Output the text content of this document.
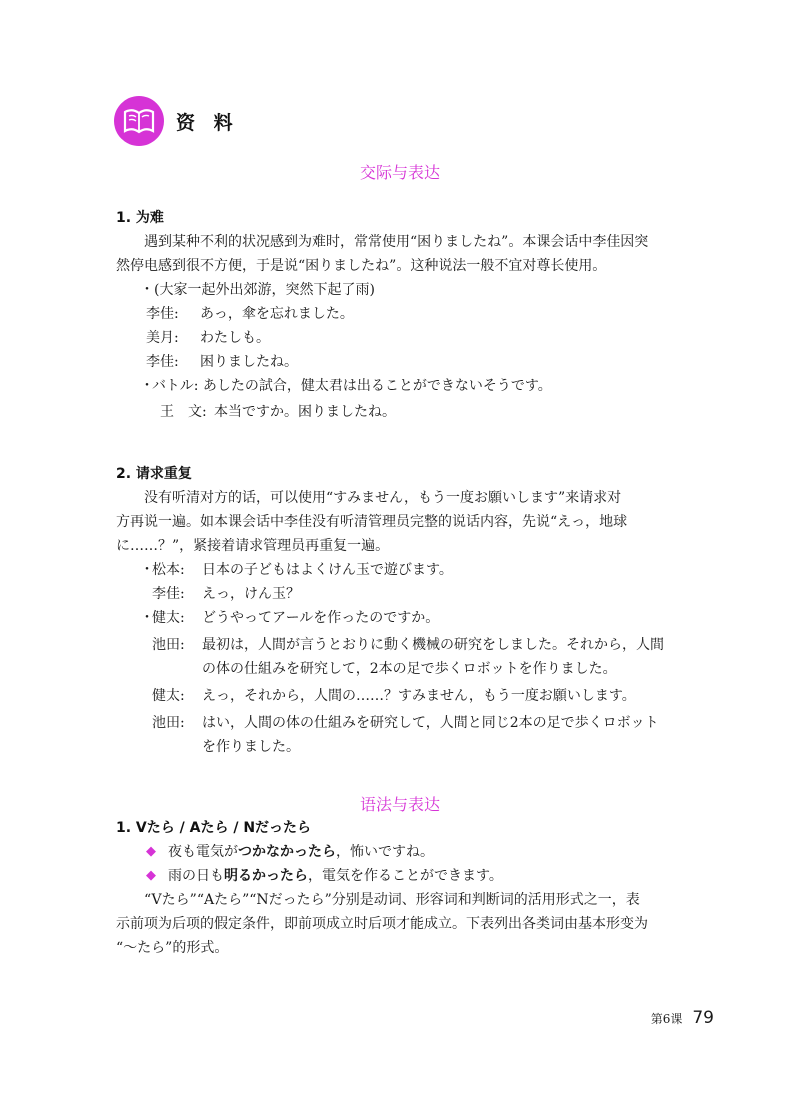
资 料
交际与表达
1. 为难
遇到某种不利的状况感到为难时，常常使用“困りましたね”。本课会话中李佳因突
然停电感到很不方便，于是说“困りましたね”。这种说法一般不宜对尊长使用。
・(大家一起外出郊游，突然下起了雨)
李佳:	あっ，傘を忘れました。
美月:	わたしも。
李佳:	困りましたね。
・
バトル: あしたの試合，健太君は出ることができないそうです。
王　文: 本当ですか。困りましたね。
2. 请求重复
没有听清对方的话，可以使用“すみません，もう一度お願いします”来请求对
方再说一遍。如本课会话中李佳没有听清管理员完整的说话内容，先说“えっ，地球
に……？”，紧接着请求管理员再重复一遍。
・
松本:	日本の子どもはよくけん玉で遊びます。
李佳:	えっ，けん玉？
・
健太:	どうやってアールを作ったのですか。
池田:	最初は，人間が言うとおりに動く機械の研究をしました。それから，人間
の体の仕組みを研究して，2本の足で歩くロボットを作りました。
健太:	えっ，それから，人間の……？すみません，もう一度お願いします。
池田:	はい，人間の体の仕組みを研究して，人間と同じ2本の足で歩くロボット
を作りました。
语法与表达
1. Vたら / Aたら / Nだったら
◆ 夜も電気がつかなかったら，怖いですね。
◆ 雨の日も明るかったら，電気を作ることができます。
“Vたら”“Aたら”“Nだったら”分别是动词、形容词和判断词的活用形式之一，表
示前项为后项的假定条件，即前项成立时后项才能成立。下表列出各类词由基本形变为
“～たら”的形式。
第6课 79
